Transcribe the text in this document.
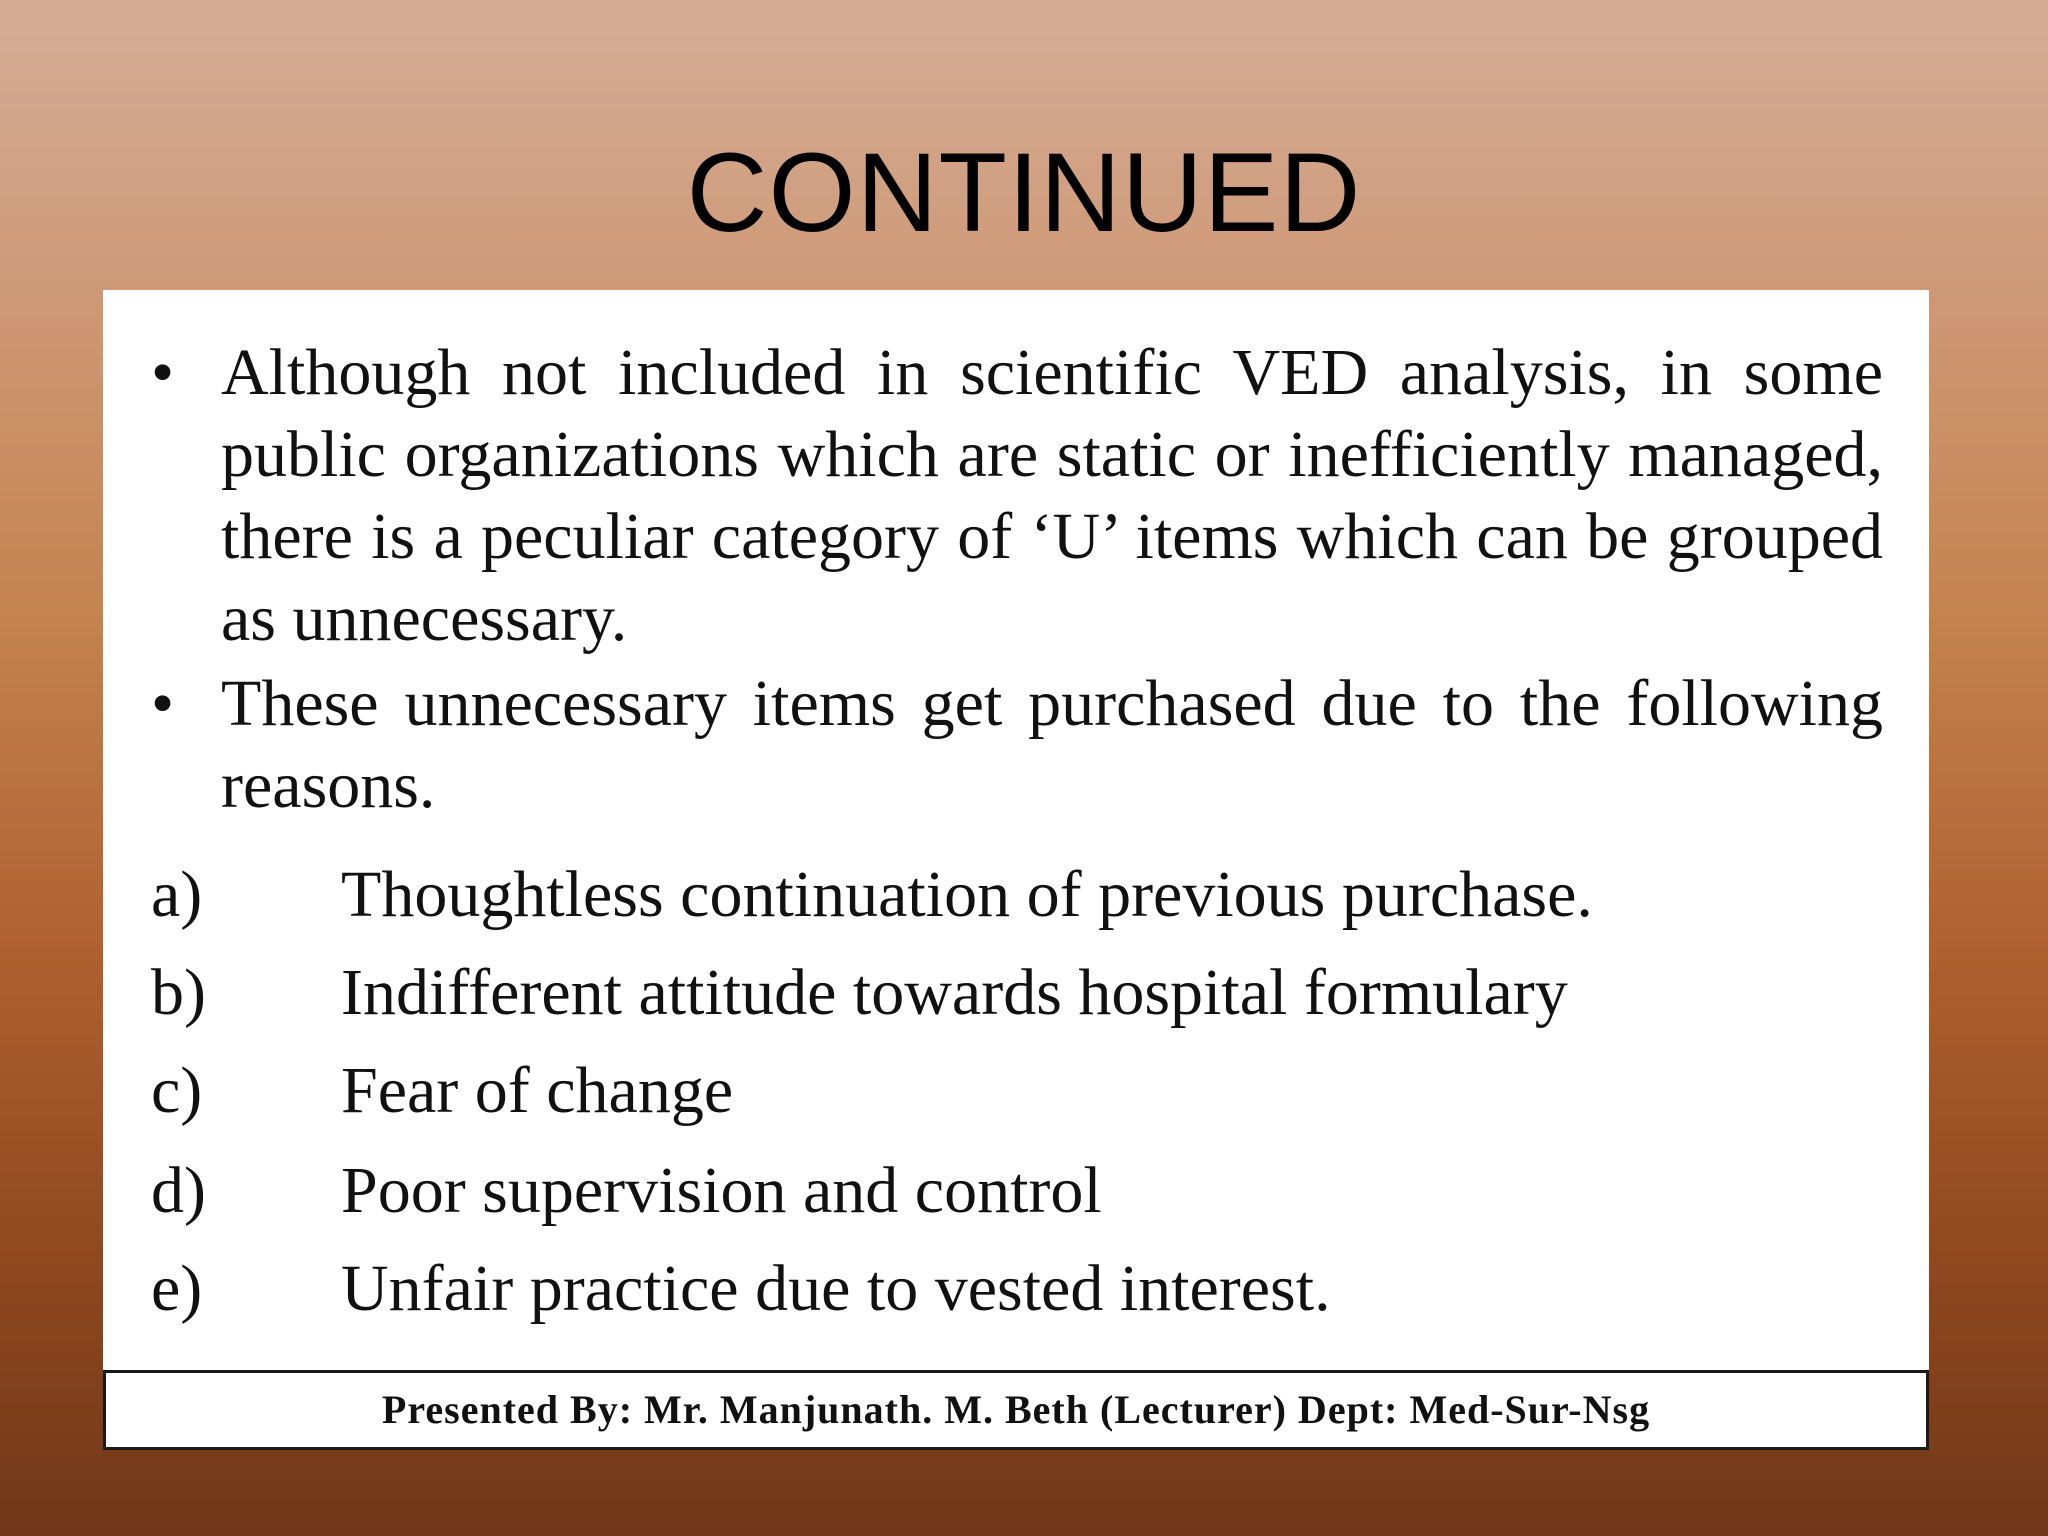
CONTINUED
• Although not included in scientific VED analysis, in some public organizations which are static or inefficiently managed, there is a peculiar category of ‘U’ items which can be grouped as unnecessary.
• These unnecessary items get purchased due to the following reasons.
a)	Thoughtless continuation of previous purchase.
b)	Indifferent attitude towards hospital formulary
c)	Fear of change
d)	Poor supervision and control
e)	Unfair practice due to vested interest.
Presented By: Mr. Manjunath. M. Beth (Lecturer) Dept: Med-Sur-Nsg
